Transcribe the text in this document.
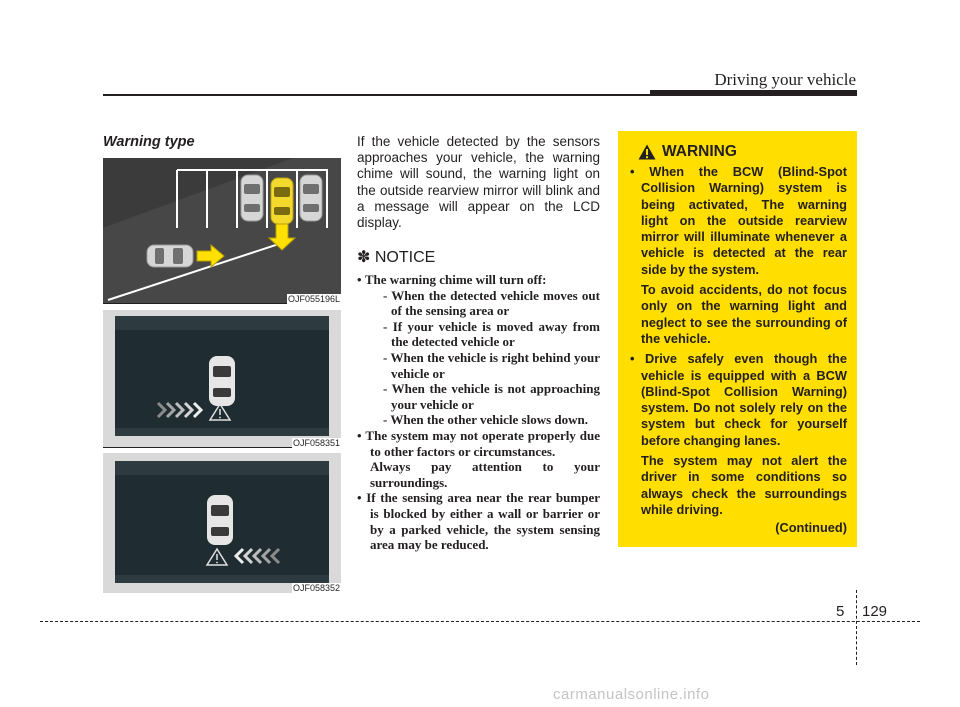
Driving your vehicle
Warning type
OJF055196L
OJF058351
OJF058352
If the vehicle detected by the sensors approaches your vehicle, the warning chime will sound, the warning light on the outside rearview mirror will blink and a message will appear on the LCD display.
✽ NOTICE
• The warning chime will turn off:
- When the detected vehicle moves out of the sensing area or
- If your vehicle is moved away from the detected vehicle or
- When the vehicle is right behind your vehicle or
- When the vehicle is not approaching your vehicle or
- When the other vehicle slows down.
• The system may not operate properly due to other factors or circumstances.
Always pay attention to your surroundings.
• If the sensing area near the rear bumper is blocked by either a wall or barrier or by a parked vehicle, the system sensing area may be reduced.
WARNING
• When the BCW (Blind-Spot Collision Warning) system is being activated, The warning light on the outside rearview mirror will illuminate whenever a vehicle is detected at the rear side by the system.

To avoid accidents, do not focus only on the warning light and neglect to see the surrounding of the vehicle.

• Drive safely even though the vehicle is equipped with a BCW (Blind-Spot Collision Warning) system. Do not solely rely on the system but check for yourself before changing lanes.

The system may not alert the driver in some conditions so always check the surroundings while driving.

(Continued)
5 129
carmanualsonline.info
